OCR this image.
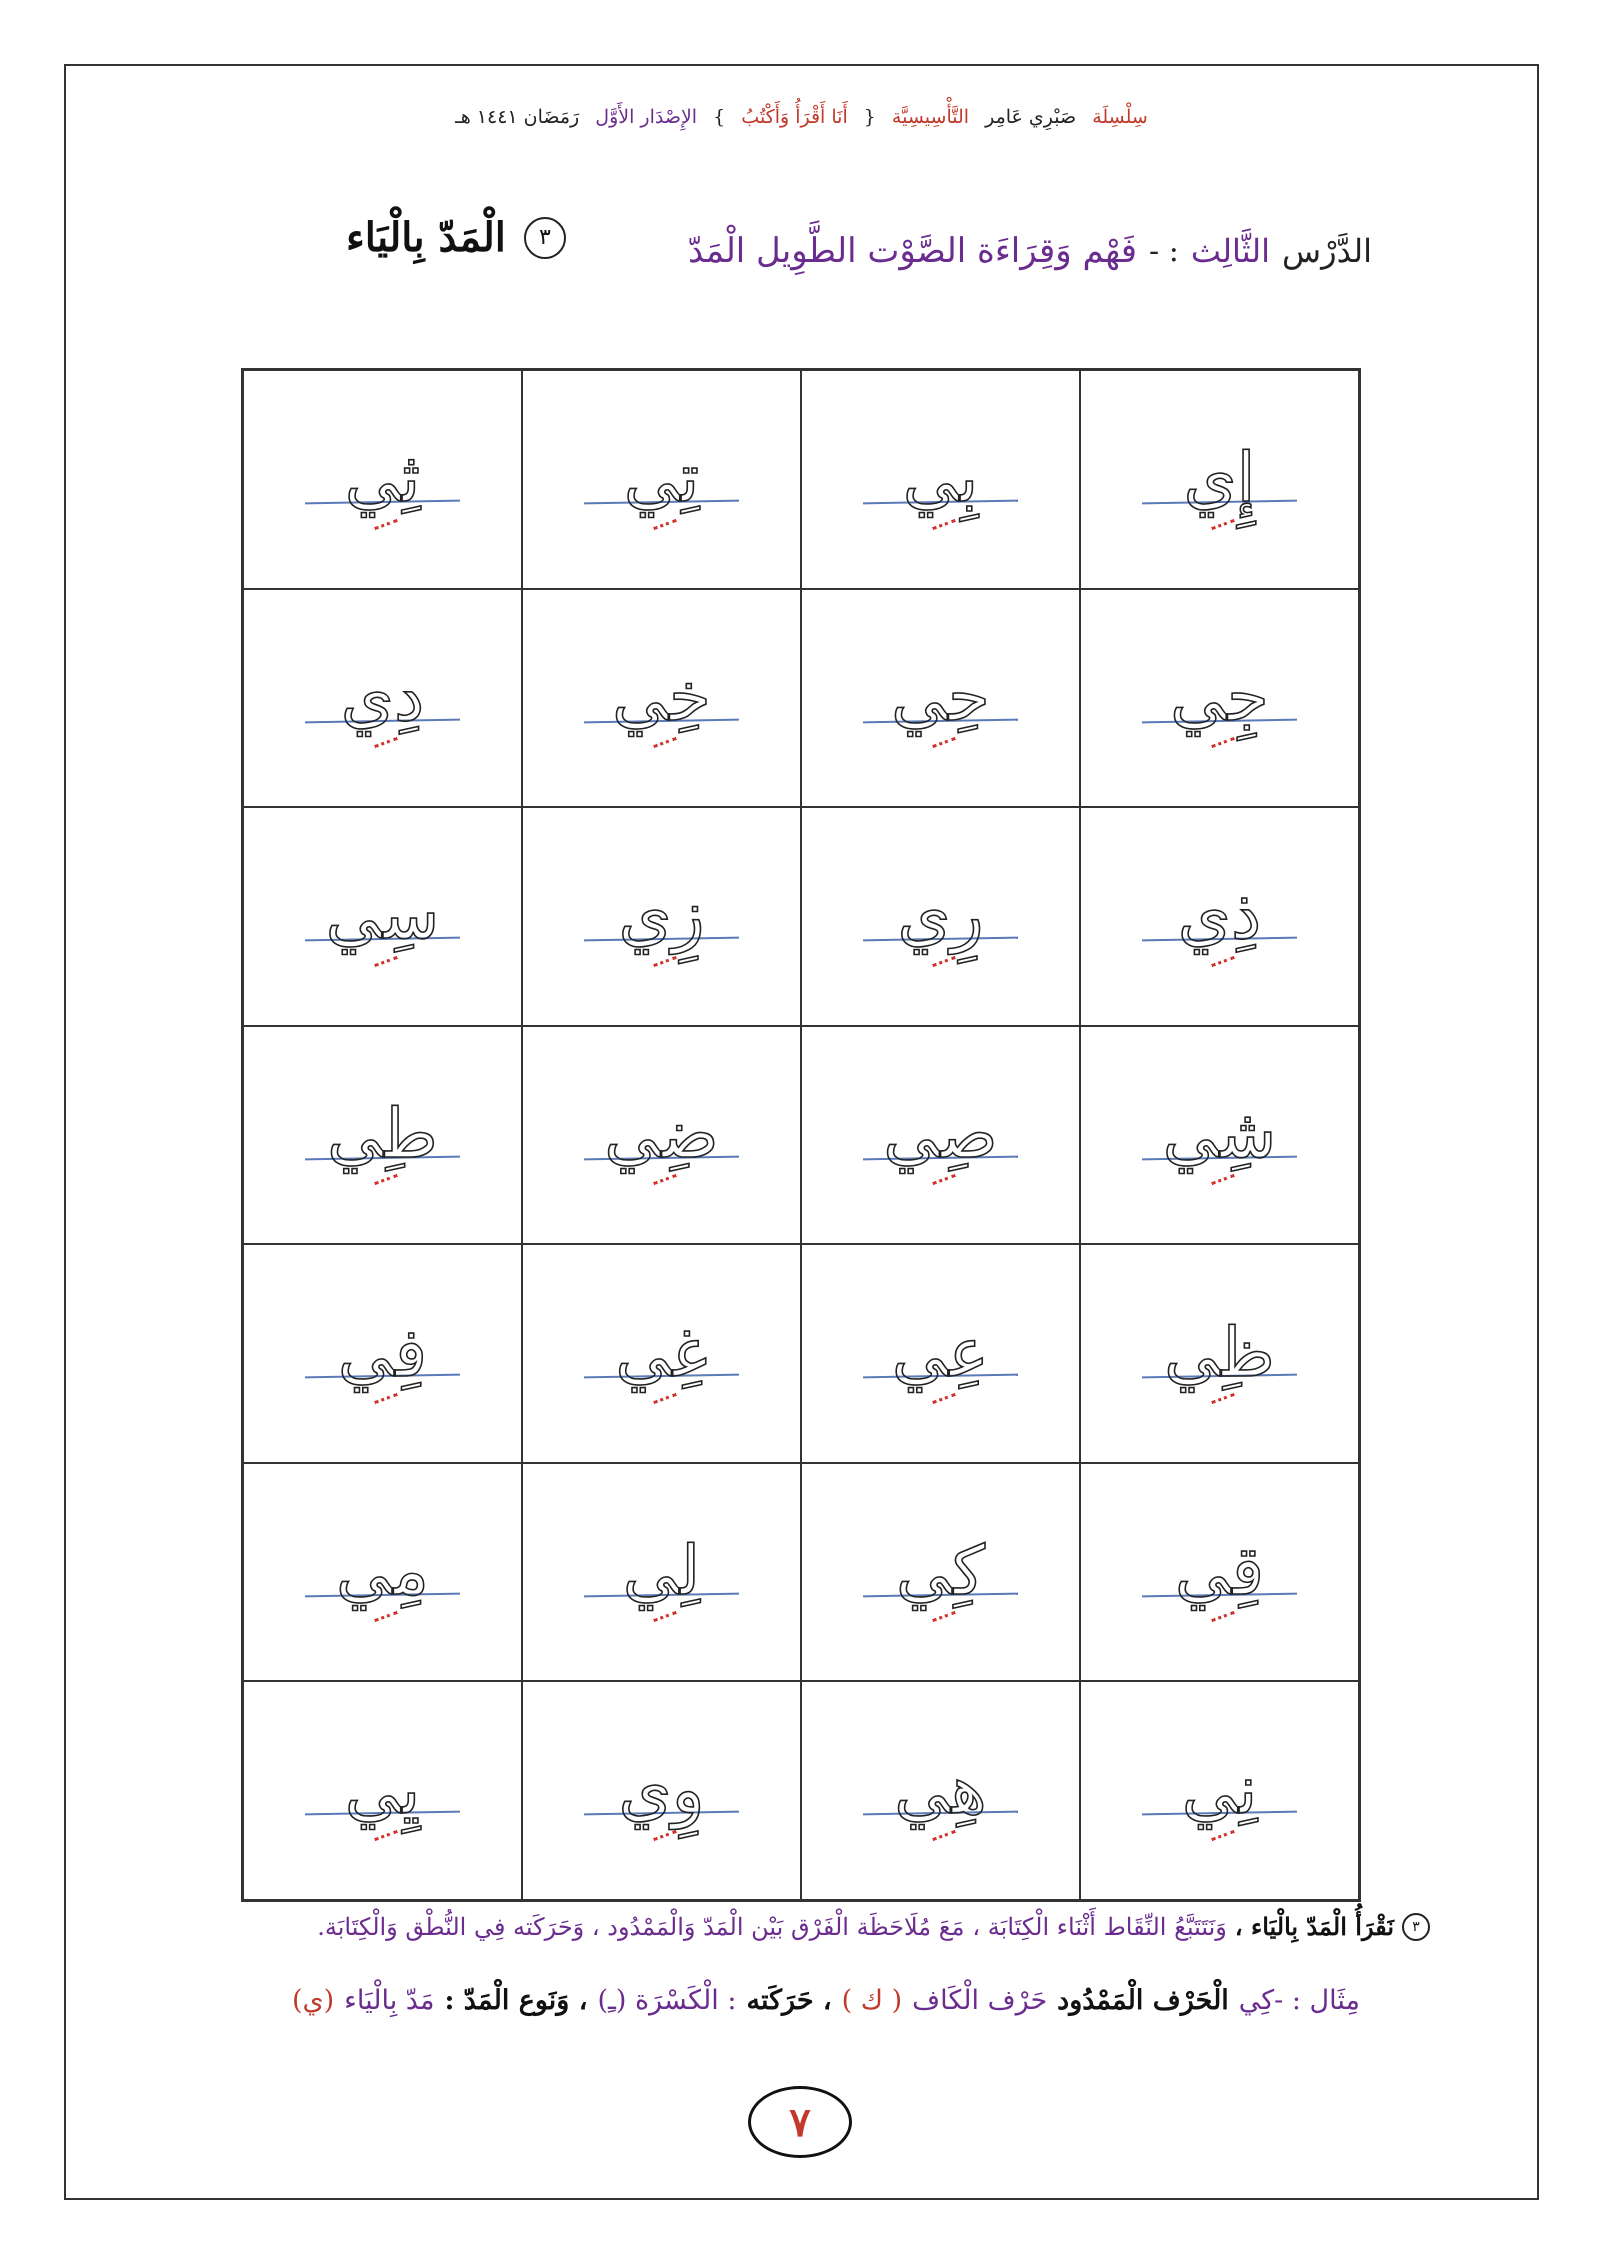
سِلْسِلَة صَبْرِي عَامِر التَّأْسِيسِيَّة { أَنَا أَقْرَأُ وَأَكْتُبُ } الإِصْدَار الأَوَّل رَمَضَان ١٤٤١ هـ
الدَّرْس
الثَّالِث
: -
فَهْم وَقِرَاءَة الصَّوْت الطَّوِيل الْمَدّ
٣
الْمَدّ بِالْيَاء
إِي
بِي
تِي
ثِي
جِي
حِي
خِي
دِي
ذِي
رِي
زِي
سِي
شِي
صِي
ضِي
طِي
ظِي
عِي
غِي
فِي
قِي
كِي
لِي
مِي
نِي
هِي
وِي
يِي
٣
نَقْرَأُ الْمَدّ بِالْيَاء ،
وَنَتَتَبَّعُ النِّقَاط أَثْنَاء الْكِتَابَة ،
مَعَ مُلَاحَظَة الْفَرْق بَيْن الْمَدّ وَالْمَمْدُود ، وَحَرَكَته فِي النُّطْق وَالْكِتَابَة.
مِثَال : -كِي
الْحَرْف الْمَمْدُود
حَرْف الْكَاف
( ك )
، حَرَكَته
: الْكَسْرَة (ـِ)
، وَنَوع الْمَدّ :
مَدّ بِالْيَاء
(ي)
٧
